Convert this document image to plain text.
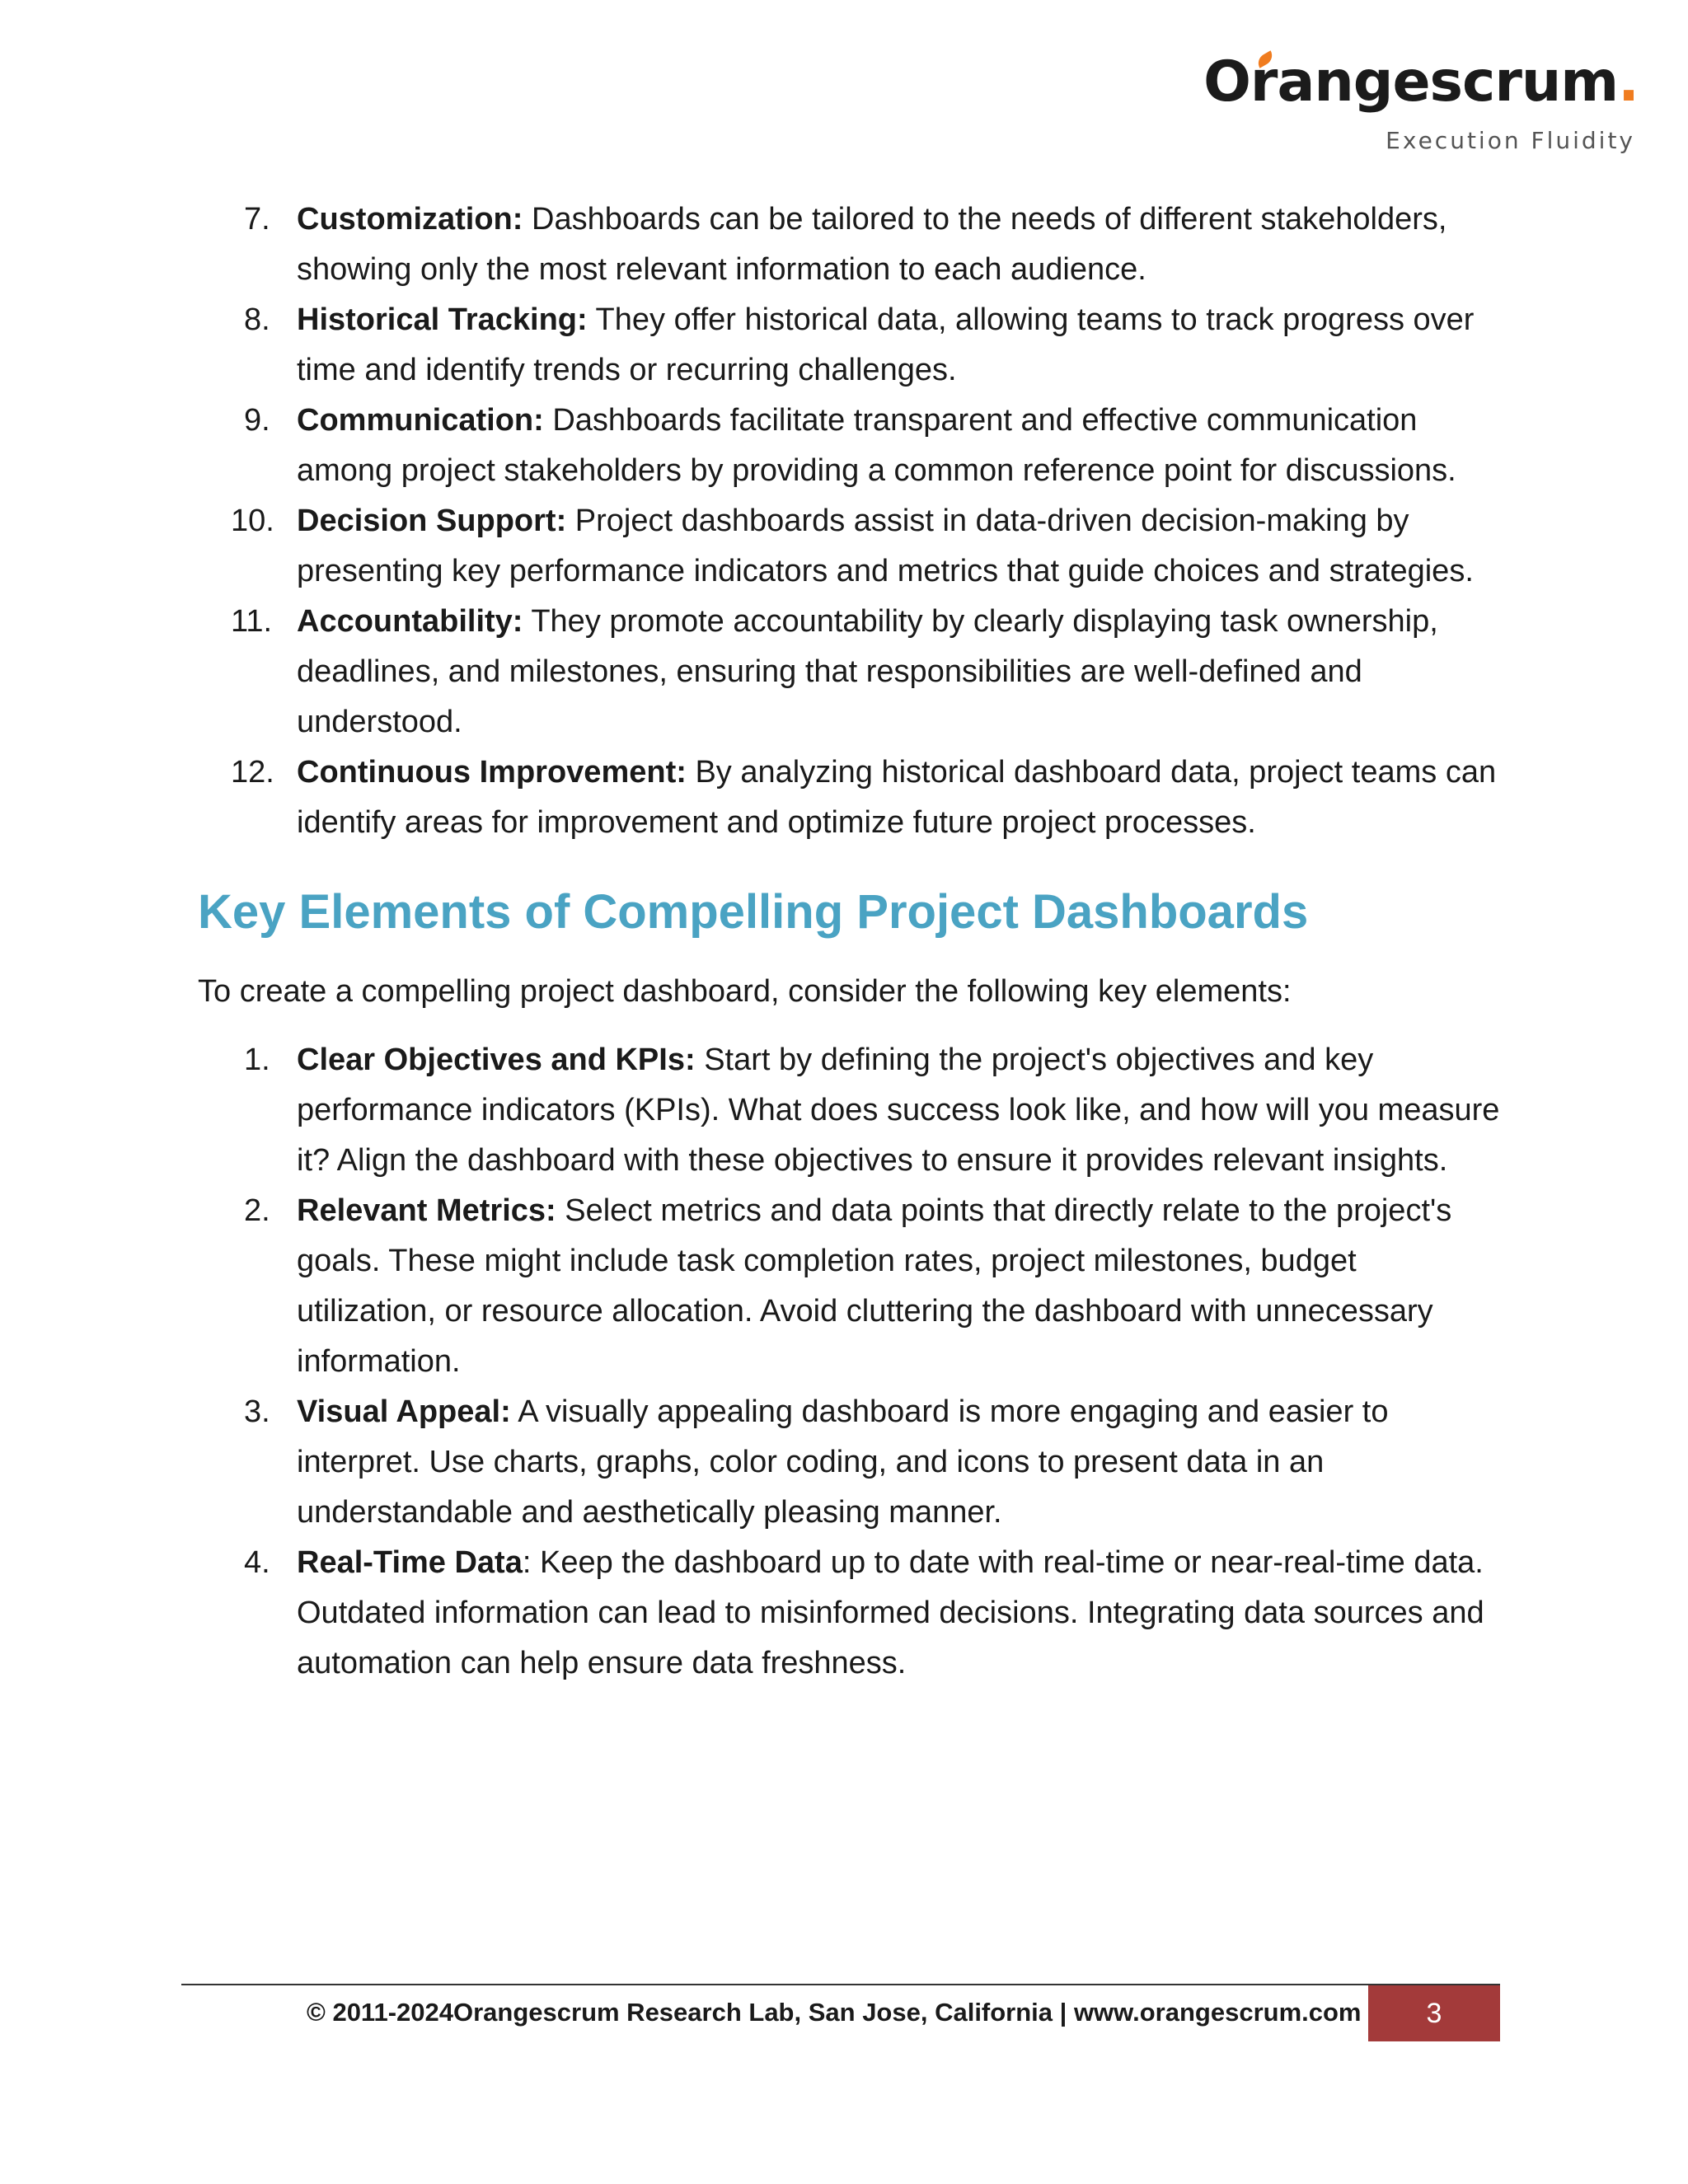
Orangescrum.
Execution Fluidity
7. Customization: Dashboards can be tailored to the needs of different stakeholders, showing only the most relevant information to each audience.
8. Historical Tracking: They offer historical data, allowing teams to track progress over time and identify trends or recurring challenges.
9. Communication: Dashboards facilitate transparent and effective communication among project stakeholders by providing a common reference point for discussions.
10. Decision Support: Project dashboards assist in data-driven decision-making by presenting key performance indicators and metrics that guide choices and strategies.
11. Accountability: They promote accountability by clearly displaying task ownership, deadlines, and milestones, ensuring that responsibilities are well-defined and understood.
12. Continuous Improvement: By analyzing historical dashboard data, project teams can identify areas for improvement and optimize future project processes.
Key Elements of Compelling Project Dashboards

To create a compelling project dashboard, consider the following key elements:

1. Clear Objectives and KPIs: Start by defining the project's objectives and key performance indicators (KPIs). What does success look like, and how will you measure it? Align the dashboard with these objectives to ensure it provides relevant insights.
2. Relevant Metrics: Select metrics and data points that directly relate to the project's goals. These might include task completion rates, project milestones, budget utilization, or resource allocation. Avoid cluttering the dashboard with unnecessary information.
3. Visual Appeal: A visually appealing dashboard is more engaging and easier to interpret. Use charts, graphs, color coding, and icons to present data in an understandable and aesthetically pleasing manner.
4. Real-Time Data: Keep the dashboard up to date with real-time or near-real-time data. Outdated information can lead to misinformed decisions. Integrating data sources and automation can help ensure data freshness.
© 2011-2024Orangescrum Research Lab, San Jose, California | www.orangescrum.com	3
